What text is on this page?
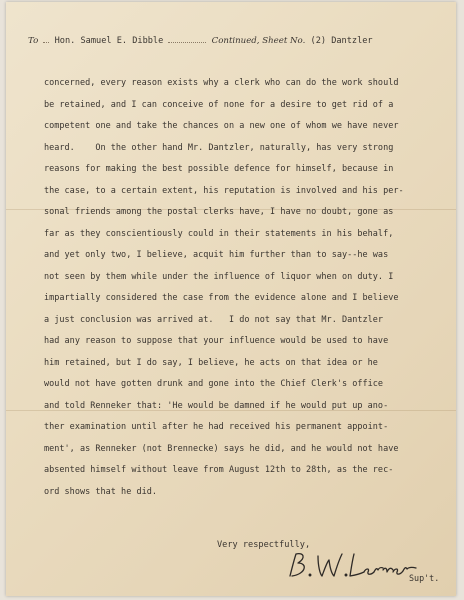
To Hon. Samuel E. Dibble	Continued, Sheet No. (2) Dantzler
concerned, every reason exists why a clerk who can do the work should
be retained, and I can conceive of none for a desire to get rid of a
competent one and take the chances on a new one of whom we have never
heard.    On the other hand Mr. Dantzler, naturally, has very strong
reasons for making the best possible defence for himself, because in
the case, to a certain extent, his reputation is involved and his per-
sonal friends among the postal clerks have, I have no doubt, gone as
far as they conscientiously could in their statements in his behalf,
and yet only two, I believe, acquit him further than to say--he was
not seen by them while under the influence of liquor when on duty. I
impartially considered the case from the evidence alone and I believe
a just conclusion was arrived at.   I do not say that Mr. Dantzler
had any reason to suppose that your influence would be used to have
him retained, but I do say, I believe, he acts on that idea or he
would not have gotten drunk and gone into the Chief Clerk's office
and told Renneker that: 'He would be damned if he would put up ano-
ther examination until after he had received his permanent appoint-
ment', as Renneker (not Brennecke) says he did, and he would not have
absented himself without leave from August 12th to 28th, as the rec-
ord shows that he did.
Very respectfully,
Sup't.
